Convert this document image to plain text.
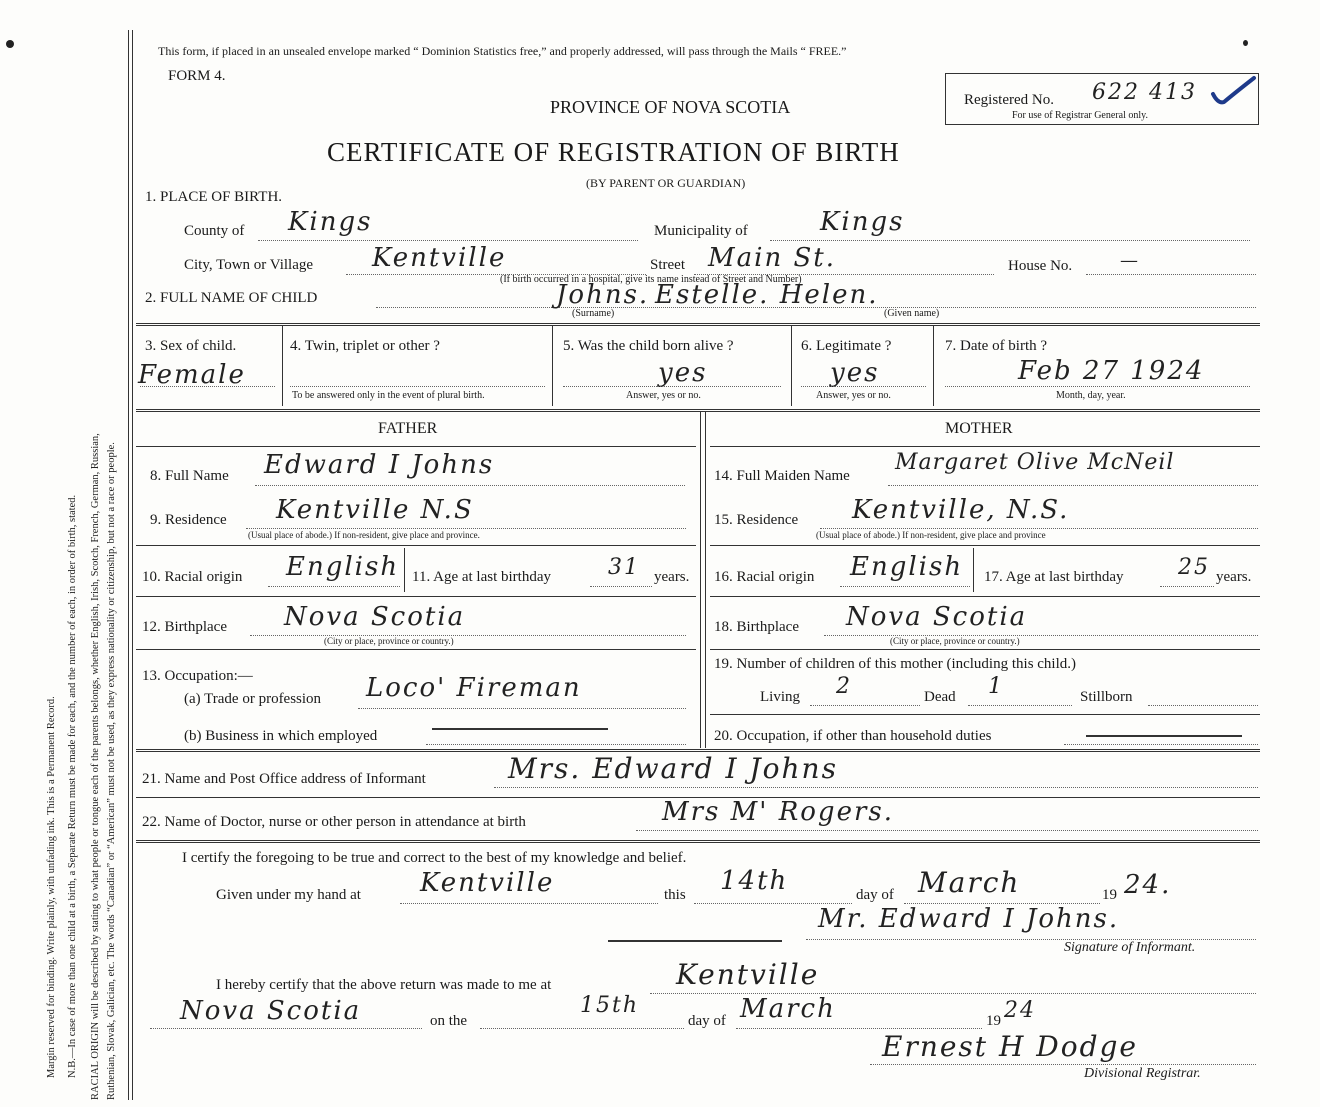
Margin reserved for binding. Write plainly, with unfading ink. This is a Permanent Record. N.B.—In case of more than one child at a birth, a Separate Return must be made for each, and the number of each, in order of birth, stated. RACIAL ORIGIN will be described by stating to what people or tongue each of the parents belongs, whether English, Irish, Scotch, French, German, Russian, Ruthenian, Slovak, Galician, etc. The words “Canadian” or “American” must not be used, as they express nationality or citizenship, but not a race or people.
This form, if placed in an unsealed envelope marked “ Dominion Statistics free,” and properly addressed, will pass through the Mails “ FREE.”
FORM 4.
PROVINCE OF NOVA SCOTIA
CERTIFICATE OF REGISTRATION OF BIRTH
(BY PARENT OR GUARDIAN)
Registered No. 622 413
For use of Registrar General only.
1. PLACE OF BIRTH.
County of Kings	Municipality of	Kings
City, Town or Village Kentville	Street Main St.	House No.	—
(If birth occurred in a hospital, give its name instead of Street and Number)
2. FULL NAME OF CHILD	Johns. Estelle. Helen.
(Surname)	(Given name)
3. Sex of child.
Female
4. Twin, triplet or other ?
To be answered only in the event of plural birth.
5. Was the child born alive ?
yes
Answer, yes or no.
6. Legitimate ?
yes
Answer, yes or no.
7. Date of birth ?
Feb 27 1924
Month, day, year.
FATHER	MOTHER
8. Full Name Edward I Johns
9. Residence Kentville N.S
(Usual place of abode.) If non-resident, give place and province.
10. Racial origin English 11. Age at last birthday	31 years.
12. Birthplace Nova Scotia
(City or place, province or country.)
13. Occupation:—
(a) Trade or profession Loco' Fireman
(b) Business in which employed
14. Full Maiden Name
Margaret Olive McNeil
15. Residence Kentville, N.S.
(Usual place of abode.) If non-resident, give place and province
16. Racial origin English 17. Age at last birthday 25 years.
18. Birthplace Nova Scotia
(City or place, province or country.)
19. Number of children of this mother (including this child.)
Living 2	Dead 1	Stillborn
20. Occupation, if other than household duties
21. Name and Post Office address of Informant	Mrs. Edward I Johns
22. Name of Doctor, nurse or other person in attendance at birth	Mrs M' Rogers.
I certify the foregoing to be true and correct to the best of my knowledge and belief.
Given under my hand at Kentville	this 14th	day of March	19 24.
Mr. Edward I Johns.
Signature of Informant.
I hereby certify that the above return was made to me at	Kentville
Nova Scotia	on the
15th
day of March	19 24
Ernest H Dodge
Divisional Registrar.
